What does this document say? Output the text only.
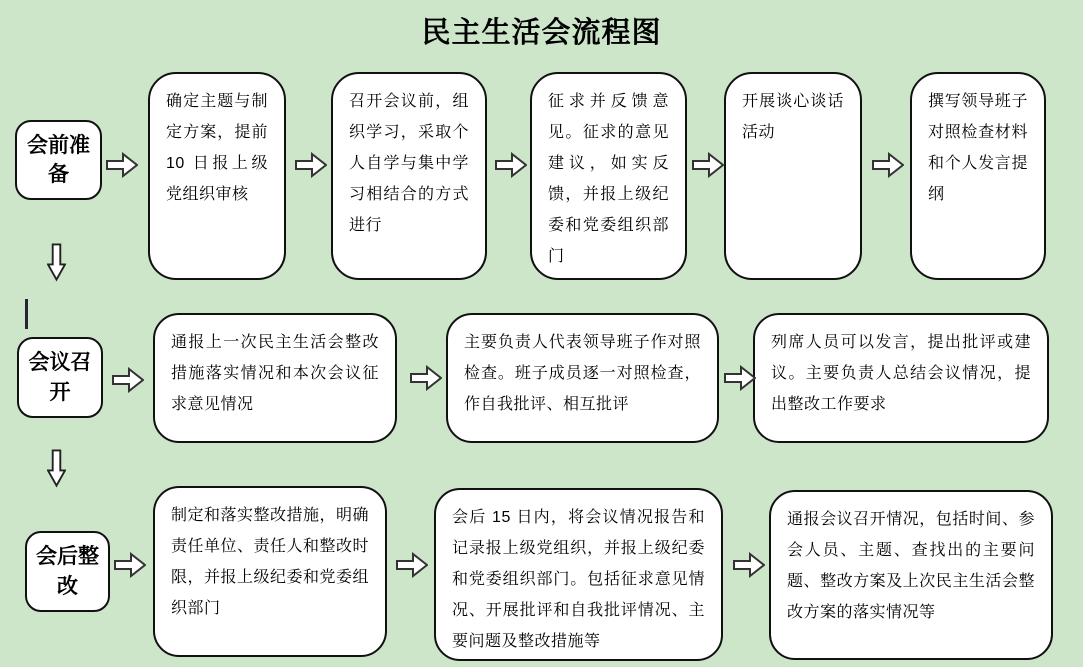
民主生活会流程图
会前准备
确定主题与制定方案，提前 10 日报上级党组织审核
召开会议前，组织学习，采取个人自学与集中学习相结合的方式进行
征求并反馈意见。征求的意见建议，如实反馈，并报上级纪委和党委组织部门
开展谈心谈话活动
撰写领导班子对照检查材料和个人发言提纲
会议召开
通报上一次民主生活会整改措施落实情况和本次会议征求意见情况
主要负责人代表领导班子作对照检查。班子成员逐一对照检查，作自我批评、相互批评
列席人员可以发言，提出批评或建议。主要负责人总结会议情况，提出整改工作要求
会后整改
制定和落实整改措施，明确责任单位、责任人和整改时限，并报上级纪委和党委组织部门
会后 15 日内，将会议情况报告和记录报上级党组织，并报上级纪委和党委组织部门。包括征求意见情况、开展批评和自我批评情况、主要问题及整改措施等
通报会议召开情况，包括时间、参会人员、主题、查找出的主要问题、整改方案及上次民主生活会整改方案的落实情况等
